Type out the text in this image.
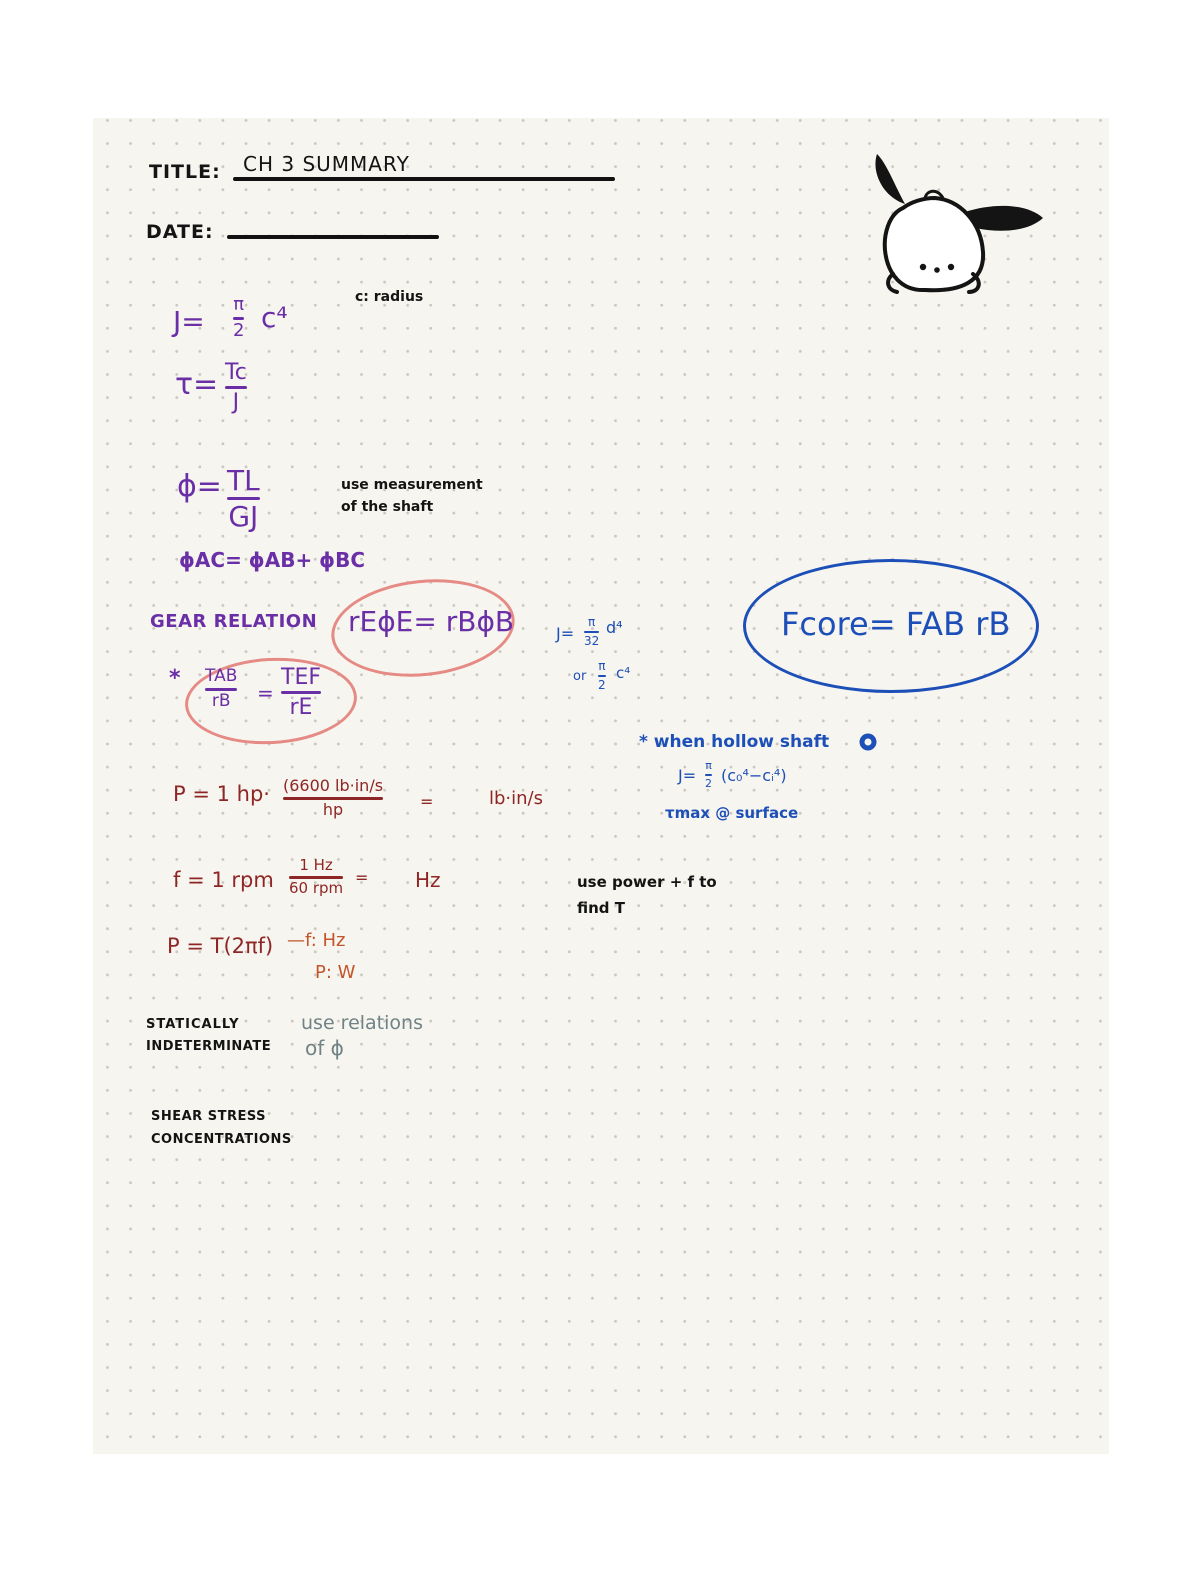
TITLE: CH 3 SUMMARY
DATE:
J=
π
2 c⁴
c: radius
τ= Tc
J
ϕ= TL
GJ
use measurement
of the shaft
ϕAC= ϕAB+ ϕBC
GEAR RELATION rEϕE= rBϕB
* TAB
rB =
TEF
rE
J=
π
32
d⁴
or
π
2
c⁴
Fcore= FAB rB
* when hollow shaft
J=
π
2 (c₀⁴−cᵢ⁴)
τmax @ surface
P = 1 hp· (6600 lb·in/s
hp	=	lb·in/s
f = 1 rpm
1 Hz
60 rpm
= Hz	use power + f to
find T
P = T(2πf) —f: Hz
P: W
STATICALLY
INDETERMINATE
use relations
of ϕ
SHEAR STRESS
CONCENTRATIONS
